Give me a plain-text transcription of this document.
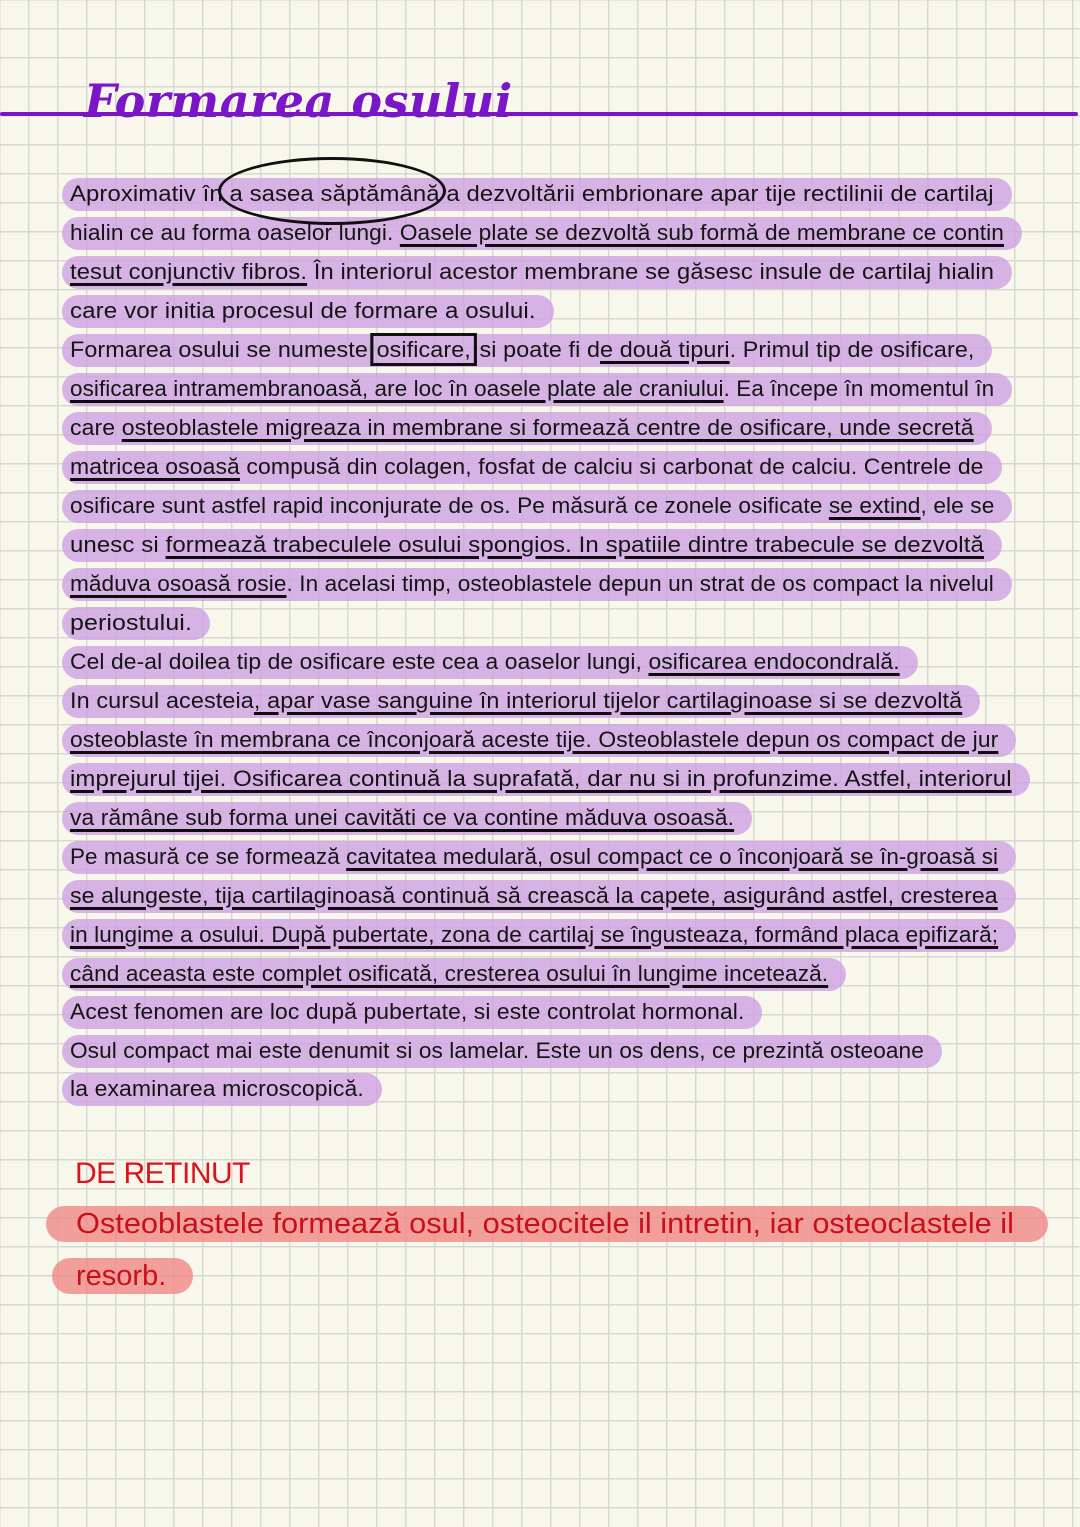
Formarea osului
Aproximativ în a sasea săptămână a dezvoltării embrionare apar tije rectilinii de cartilaj
hialin ce au forma oaselor lungi. Oasele plate se dezvoltă sub formă de membrane ce contin
tesut conjunctiv fibros. În interiorul acestor membrane se găsesc insule de cartilaj hialin
care vor initia procesul de formare a osului.
Formarea osului se numeste osificare, si poate fi de două tipuri. Primul tip de osificare,
osificarea intramembranoasă, are loc în oasele plate ale craniului. Ea începe în momentul în
care osteoblastele migreaza in membrane si formează centre de osificare, unde secretă
matricea osoasă compusă din colagen, fosfat de calciu si carbonat de calciu. Centrele de
osificare sunt astfel rapid inconjurate de os. Pe măsură ce zonele osificate se extind, ele se
unesc si formează trabeculele osului spongios. In spatiile dintre trabecule se dezvoltă
măduva osoasă rosie. In acelasi timp, osteoblastele depun un strat de os compact la nivelul
periostului.
Cel de-al doilea tip de osificare este cea a oaselor lungi, osificarea endocondrală.
In cursul acesteia, apar vase sanguine în interiorul tijelor cartilaginoase si se dezvoltă
osteoblaste în membrana ce înconjoară aceste tije. Osteoblastele depun os compact de jur
imprejurul tijei. Osificarea continuă la suprafată, dar nu si in profunzime. Astfel, interiorul
va rămâne sub forma unei cavităti ce va contine măduva osoasă.
Pe masură ce se formează cavitatea medulară, osul compact ce o înconjoară se în-groasă si
se alungeste, tija cartilaginoasă continuă să crească la capete, asigurând astfel, cresterea
in lungime a osului. După pubertate, zona de cartilaj se îngusteaza, formând placa epifizară;
când aceasta este complet osificată, cresterea osului în lungime incetează.
Acest fenomen are loc după pubertate, si este controlat hormonal.
Osul compact mai este denumit si os lamelar. Este un os dens, ce prezintă osteoane
la examinarea microscopică.
DE RETINUT
Osteoblastele formează osul, osteocitele il intretin, iar osteoclastele il
resorb.
